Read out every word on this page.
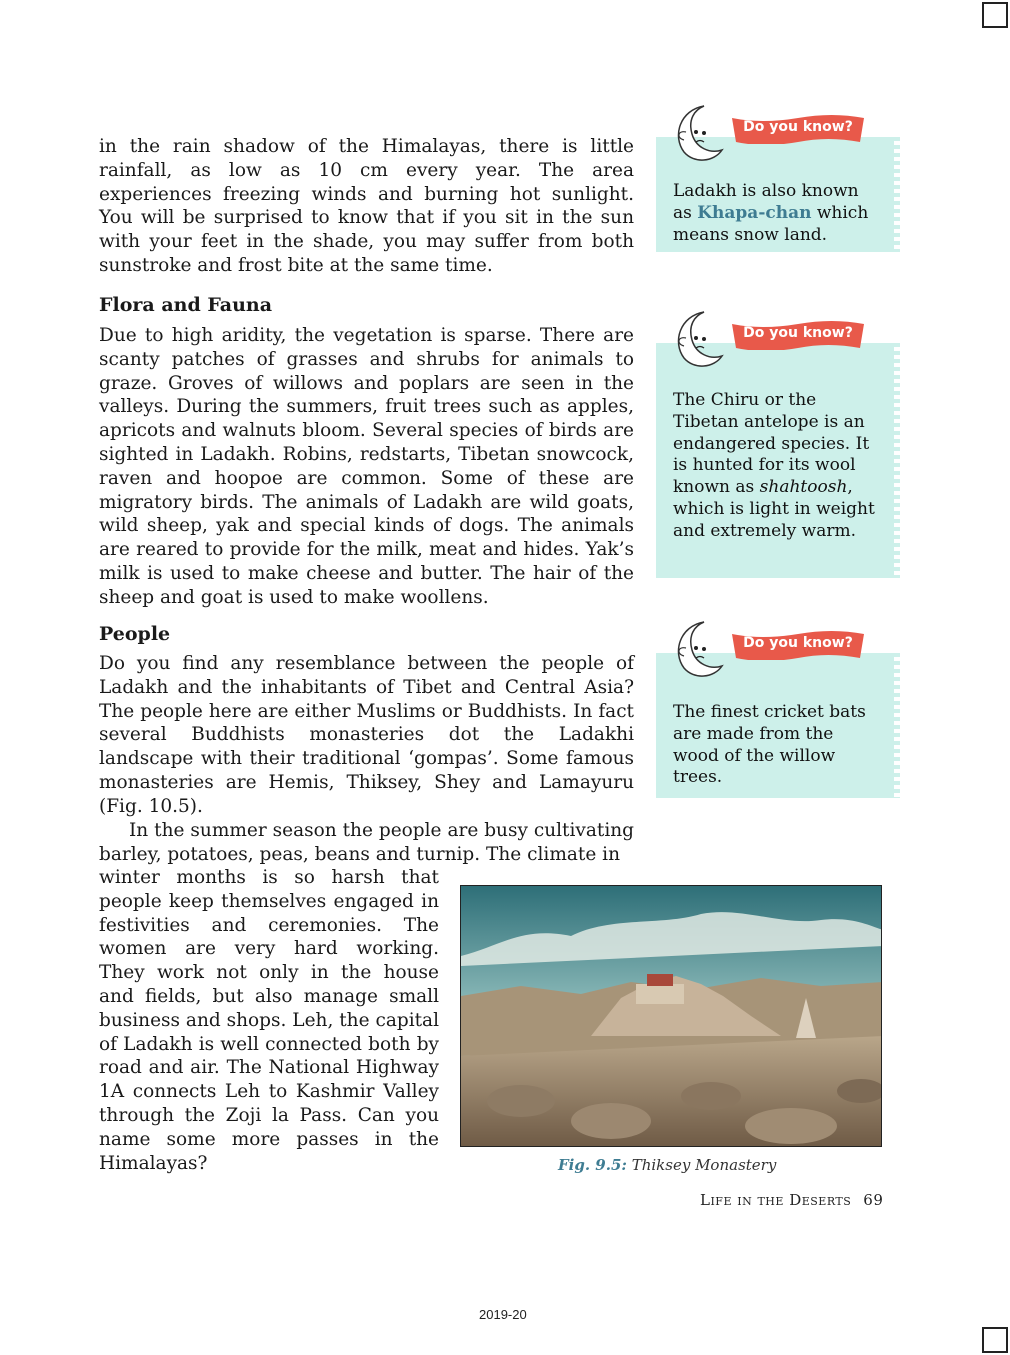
in the rain shadow of the Himalayas, there is little rainfall, as low as 10 cm every year. The area experiences freezing winds and burning hot sunlight. You will be surprised to know that if you sit in the sun with your feet in the shade, you may suffer from both sunstroke and frost bite at the same time.

Flora and Fauna

Due to high aridity, the vegetation is sparse. There are scanty patches of grasses and shrubs for animals to graze. Groves of willows and poplars are seen in the valleys. During the summers, fruit trees such as apples, apricots and walnuts bloom. Several species of birds are sighted in Ladakh. Robins, redstarts, Tibetan snowcock, raven and hoopoe are common. Some of these are migratory birds. The animals of Ladakh are wild goats, wild sheep, yak and special kinds of dogs. The animals are reared to provide for the milk, meat and hides. Yak’s milk is used to make cheese and butter. The hair of the sheep and goat is used to make woollens.

People

Do you find any resemblance between the people of Ladakh and the inhabitants of Tibet and Central Asia? The people here are either Muslims or Buddhists. In fact several Buddhists monasteries dot the Ladakhi landscape with their traditional ‘gompas’. Some famous monasteries are Hemis, Thiksey, Shey and Lamayuru (Fig. 10.5).

In the summer season the people are busy cultivating barley, potatoes, peas, beans and turnip. The climate in

winter months is so harsh that people keep themselves engaged in festivities and ceremonies. The women are very hard working. They work not only in the house and fields, but also manage small business and shops. Leh, the capital of Ladakh is well connected both by road and air. The National Highway 1A connects Leh to Kashmir Valley through the Zoji la Pass. Can you name some more passes in the Himalayas?

Ladakh is also known as Khapa-chan which means snow land.
The Chiru or the Tibetan antelope is an endangered species. It is hunted for its wool known as shahtoosh, which is light in weight and extremely warm.
The finest cricket bats are made from the wood of the willow trees.
Do you know?
Do you know?
Do you know?
Fig. 9.5: Thiksey Monastery
Life in the Deserts 69
2019-20
